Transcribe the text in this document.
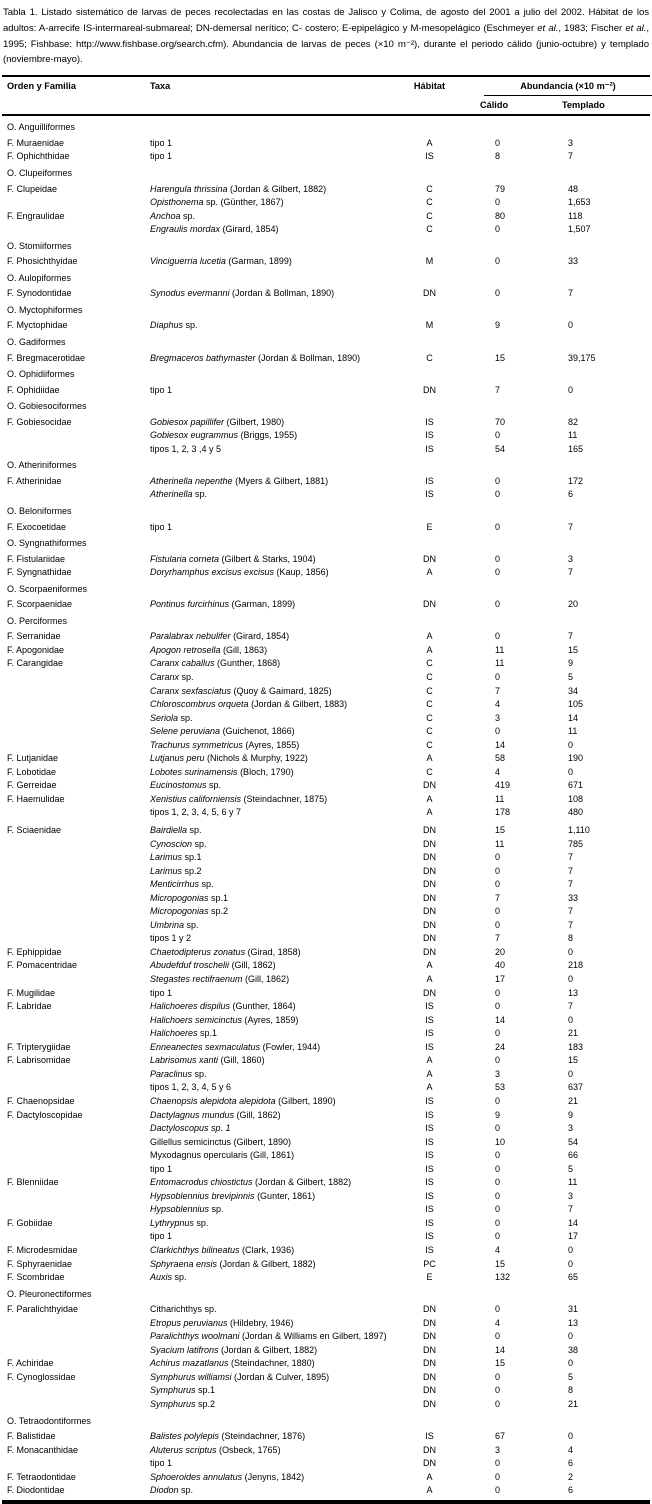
Tabla 1. Listado sistemático de larvas de peces recolectadas en las costas de Jalisco y Colima, de agosto del 2001 a julio del 2002. Hábitat de los adultos: A-arrecife IS-intermareal-submareal; DN-demersal nerítico; C- costero; E-epipelágico y M-mesopelágico (Eschmeyer et al., 1983; Fischer et al., 1995; Fishbase: http://www.fishbase.org/search.cfm). Abundancia de larvas de peces (×10 m⁻²), durante el periodo cálido (junio-octubre) y templado (noviembre-mayo).
Orden y Familia	Taxa	Hábitat	Abundancia (×10 m⁻²)
Cálido	Templado
O. Anguilliformes
F. Muraenidae	tipo 1	A	0	3
F. Ophichthidae	tipo 1	IS	8	7
O. Clupeiformes
F. Clupeidae	Harengula thrissina (Jordan & Gilbert, 1882)	C	79	48
Opisthonema sp. (Günther, 1867)	C	0	1,653
F. Engraulidae	Anchoa sp.	C	80	118
Engraulis mordax (Girard, 1854)	C	0	1,507
O. Stomiiformes
F. Phosichthyidae	Vinciguerria lucetia (Garman, 1899)	M	0	33
O. Aulopiformes
F. Synodontidae	Synodus evermanni (Jordan & Bollman, 1890)	DN	0	7
O. Myctophiformes
F. Myctophidae	Diaphus sp.	M	9	0
O. Gadiformes
F. Bregmacerotidae	Bregmaceros bathymaster (Jordan & Bollman, 1890)	C	15	39,175
O. Ophidiiformes
F. Ophidiidae	tipo 1	DN	7	0
O. Gobiesociformes
F. Gobiesocidae	Gobiesox papillifer (Gilbert, 1980)	IS	70	82
Gobiesox eugrammus (Briggs, 1955)	IS	0	11
tipos 1, 2, 3 ,4 y 5	IS	54	165
O. Atheriniformes
F. Atherinidae	Atherinella nepenthe (Myers & Gilbert, 1881)	IS	0	172
Atherinella sp.	IS	0	6
O. Beloniformes
F. Exocoetidae	tipo 1	E	0	7
O. Syngnathiformes
F. Fistulariidae	Fistularia corneta (Gilbert & Starks, 1904)	DN	0	3
F. Syngnathidae	Doryrhamphus excisus excisus (Kaup, 1856)	A	0	7
O. Scorpaeniformes
F. Scorpaenidae	Pontinus furcirhinus (Garman, 1899)	DN	0	20
O. Perciformes
F. Serranidae	Paralabrax nebulifer (Girard, 1854)	A	0	7
F. Apogonidae	Apogon retrosella (Gill, 1863)	A	11	15
F. Carangidae	Caranx caballus (Gunther, 1868)	C	11	9
Caranx sp.	C	0	5
Caranx sexfasciatus (Quoy & Gaimard, 1825)	C	7	34
Chloroscombrus orqueta (Jordan & Gilbert, 1883)	C	4	105
Seriola sp.	C	3	14
Selene peruviana (Guichenot, 1866)	C	0	11
Trachurus symmetricus (Ayres, 1855)	C	14	0
F. Lutjanidae	Lutjanus peru (Nichols & Murphy, 1922)	A	58	190
F. Lobotidae	Lobotes surinamensis (Bloch, 1790)	C	4	0
F. Gerreidae	Eucinostomus sp.	DN	419	671
F. Haemulidae	Xenistius californiensis (Steindachner, 1875)	A	11	108
tipos 1, 2, 3, 4, 5, 6 y 7	A	178	480
F. Sciaenidae	Bairdiella sp.	DN	15	1,110
Cynoscion sp.	DN	11	785
Larimus sp.1	DN	0	7
Larimus sp.2	DN	0	7
Menticirrhus sp.	DN	0	7
Micropogonias sp.1	DN	7	33
Micropogonias sp.2	DN	0	7
Umbrina sp.	DN	0	7
tipos 1 y 2	DN	7	8
F. Ephippidae	Chaetodipterus zonatus (Girad, 1858)	DN	20	0
F. Pomacentridae	Abudefduf troschelii (Gill, 1862)	A	40	218
Stegastes rectifraenum (Gill, 1862)	A	17	0
F. Mugilidae	tipo 1	DN	0	13
F. Labridae	Halichoeres dispilus (Gunther, 1864)	IS	0	7
Halichoers semicinctus (Ayres, 1859)	IS	14	0
Halichoeres sp.1	IS	0	21
F. Tripterygiidae	Enneanectes sexmaculatus (Fowler, 1944)	IS	24	183
F. Labrisomidae	Labrisomus xanti (Gill, 1860)	A	0	15
Paraclinus sp.	A	3	0
tipos 1, 2, 3, 4, 5 y 6	A	53	637
F. Chaenopsidae	Chaenopsis alepidota alepidota (Gilbert, 1890)	IS	0	21
F. Dactyloscopidae	Dactylagnus mundus (Gill, 1862)	IS	9	9
Dactyloscopus sp. 1	IS	0	3
Gillellus semicinctus (Gilbert, 1890)	IS	10	54
Myxodagnus opercularis (Gill, 1861)	IS	0	66
tipo 1	IS	0	5
F. Blenniidae	Entomacrodus chiostictus (Jordan & Gilbert, 1882)	IS	0	11
Hypsoblennius brevipinnis (Gunter, 1861)	IS	0	3
Hypsoblennius sp.	IS	0	7
F. Gobiidae	Lythrypnus sp.	IS	0	14
tipo 1	IS	0	17
F. Microdesmidae	Clarkichthys bilineatus (Clark, 1936)	IS	4	0
F. Sphyraenidae	Sphyraena ensis (Jordan & Gilbert, 1882)	PC	15	0
F. Scombridae	Auxis sp.	E	132	65
O. Pleuronectiformes
F. Paralichthyidae	Citharichthys sp.	DN	0	31
Etropus peruvianus (Hildebry, 1946)	DN	4	13
Paralichthys woolmani (Jordan & Williams en Gilbert, 1897)	DN	0	0
Syacium latifrons (Jordan & Gilbert, 1882)	DN	14	38
F. Achiridae	Achirus mazatlanus (Steindachner, 1880)	DN	15	0
F. Cynoglossidae	Symphurus williamsi (Jordan & Culver, 1895)	DN	0	5
Symphurus sp.1	DN	0	8
Symphurus sp.2	DN	0	21
O. Tetraodontiformes
F. Balistidae	Balistes polylepis (Steindachner, 1876)	IS	67	0
F. Monacanthidae	Aluterus scriptus (Osbeck, 1765)	DN	3	4
tipo 1	DN	0	6
F. Tetraodontidae	Sphoeroides annulatus (Jenyns, 1842)	A	0	2
F. Diodontidae	Diodon sp.	A	0	6
